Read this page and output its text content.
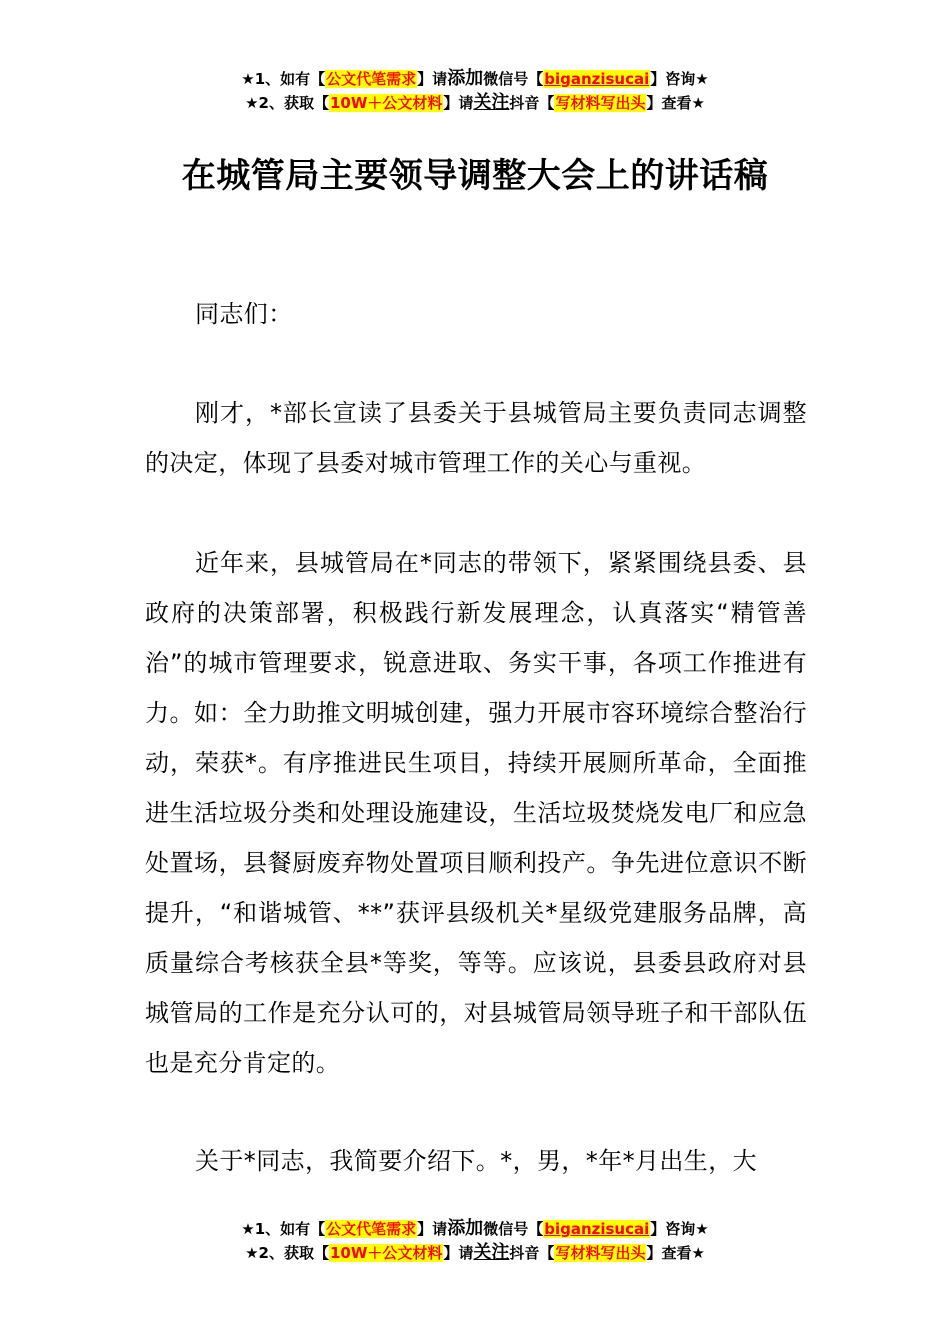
★1、如有【公文代笔需求】请添加微信号【biganzisucai】咨询★
★2、获取【10W＋公文材料】请关注抖音【写材料写出头】查看★
在城管局主要领导调整大会上的讲话稿

同志们：

刚才，*部长宣读了县委关于县城管局主要负责同志调整的决定，体现了县委对城市管理工作的关心与重视。

近年来，县城管局在*同志的带领下，紧紧围绕县委、县政府的决策部署，积极践行新发展理念，认真落实“精管善治”的城市管理要求，锐意进取、务实干事，各项工作推进有力。如：全力助推文明城创建，强力开展市容环境综合整治行动，荣获*。有序推进民生项目，持续开展厕所革命，全面推进生活垃圾分类和处理设施建设，生活垃圾焚烧发电厂和应急处置场，县餐厨废弃物处置项目顺利投产。争先进位意识不断提升，“和谐城管、**”获评县级机关*星级党建服务品牌，高质量综合考核获全县*等奖，等等。应该说，县委县政府对县城管局的工作是充分认可的，对县城管局领导班子和干部队伍也是充分肯定的。

关于*同志，我简要介绍下。*，男，*年*月出生，大

★1、如有【公文代笔需求】请添加微信号【biganzisucai】咨询★
★2、获取【10W＋公文材料】请关注抖音【写材料写出头】查看★
